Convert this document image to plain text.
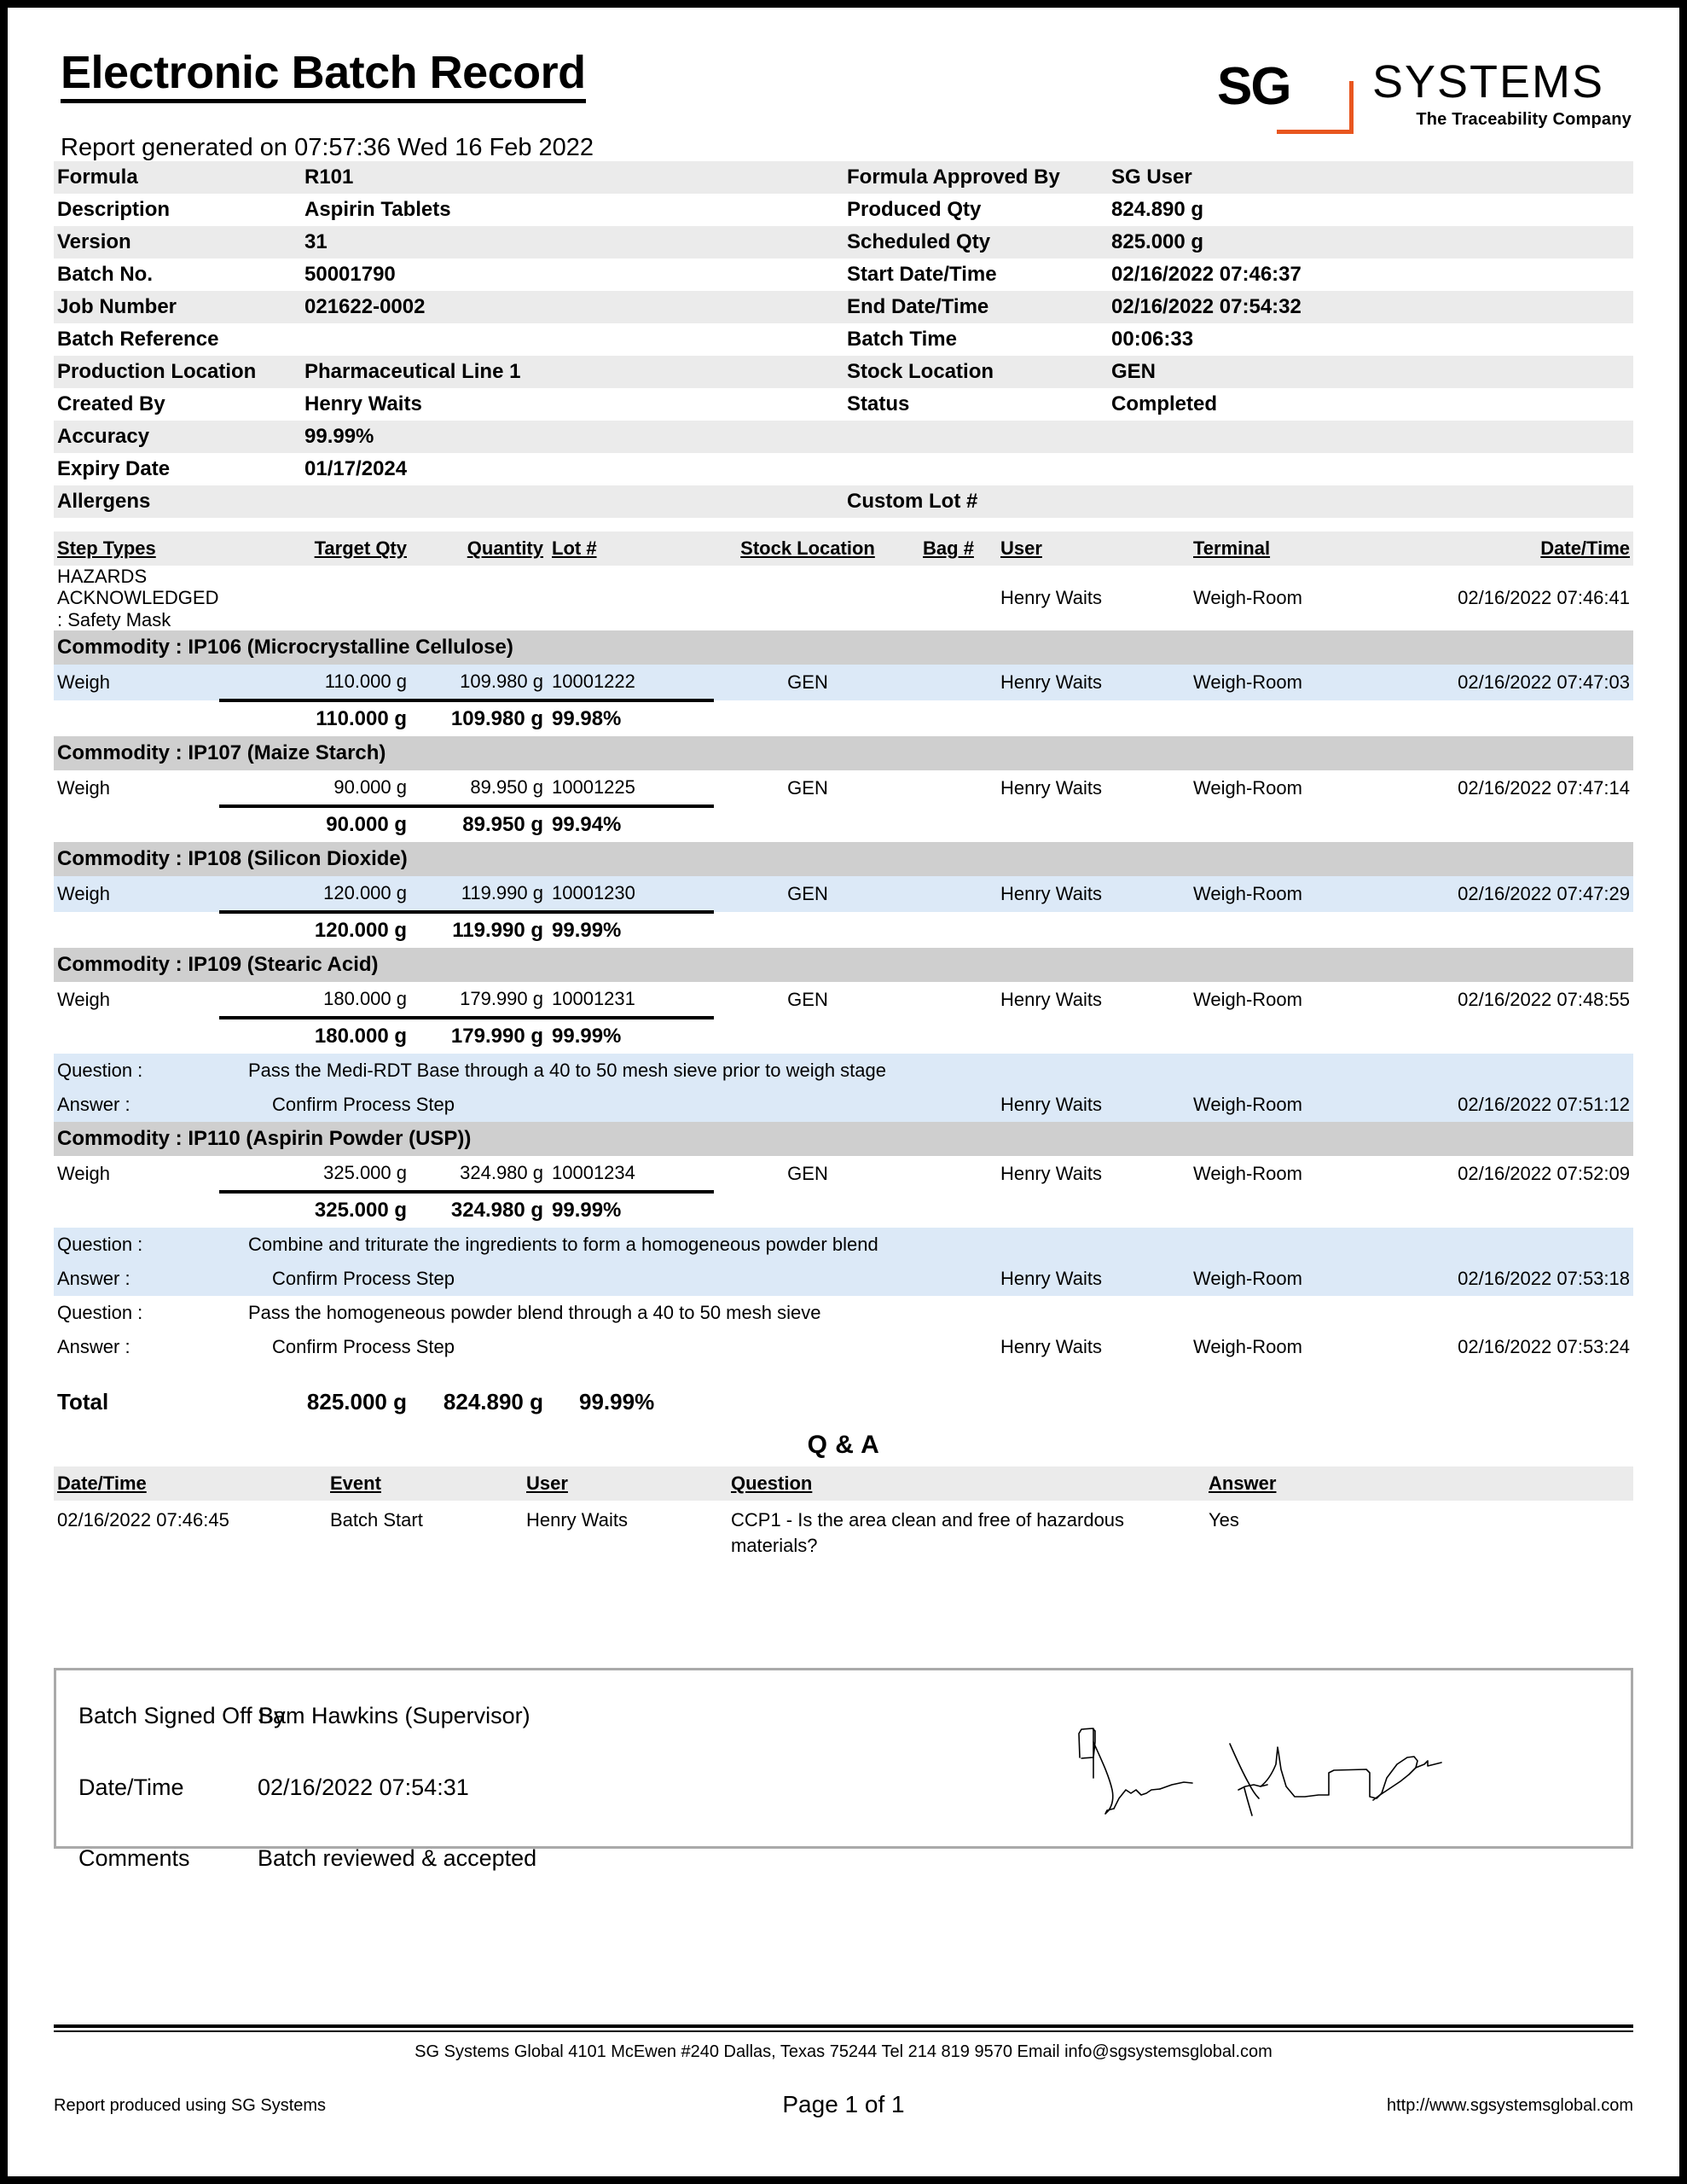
Electronic Batch Record
Report generated on 07:57:36 Wed 16 Feb 2022
SG SYSTEMS
The Traceability Company
Formula	R101	Formula Approved By	SG User
Description	Aspirin Tablets	Produced Qty	824.890 g
Version	31	Scheduled Qty	825.000 g
Batch No.	50001790	Start Date/Time	02/16/2022 07:46:37
Job Number	021622-0002	End Date/Time	02/16/2022 07:54:32
Batch Reference		Batch Time	00:06:33
Production Location	Pharmaceutical Line 1	Stock Location	GEN
Created By	Henry Waits	Status	Completed
Accuracy	99.99%		
Expiry Date	01/17/2024		
Allergens		Custom Lot #	
Step Types	Target Qty	Quantity	Lot #	Stock Location	Bag #	User	Terminal	Date/Time
HAZARDS ACKNOWLEDGED : Safety Mask						Henry Waits	Weigh-Room	02/16/2022 07:46:41
Commodity : IP106 (Microcrystalline Cellulose)								
Weigh	110.000 g	109.980 g	10001222	GEN		Henry Waits	Weigh-Room	02/16/2022 07:47:03
	110.000 g	109.980 g	99.98%					
Commodity : IP107 (Maize Starch)								
Weigh	90.000 g	89.950 g	10001225	GEN		Henry Waits	Weigh-Room	02/16/2022 07:47:14
	90.000 g	89.950 g	99.94%					
Commodity : IP108 (Silicon Dioxide)								
Weigh	120.000 g	119.990 g	10001230	GEN		Henry Waits	Weigh-Room	02/16/2022 07:47:29
	120.000 g	119.990 g	99.99%					
Commodity : IP109 (Stearic Acid)								
Weigh	180.000 g	179.990 g	10001231	GEN		Henry Waits	Weigh-Room	02/16/2022 07:48:55
	180.000 g	179.990 g	99.99%					
Question :	Pass the Medi-RDT Base through a 40 to 50 mesh sieve prior to weigh stage							
Answer :	Confirm Process Step					Henry Waits	Weigh-Room	02/16/2022 07:51:12
Commodity : IP110 (Aspirin Powder (USP))								
Weigh	325.000 g	324.980 g	10001234	GEN		Henry Waits	Weigh-Room	02/16/2022 07:52:09
	325.000 g	324.980 g	99.99%					
Question :	Combine and triturate the ingredients to form a homogeneous powder blend							
Answer :	Confirm Process Step					Henry Waits	Weigh-Room	02/16/2022 07:53:18
Question :	Pass the homogeneous powder blend through a 40 to 50 mesh sieve							
Answer :	Confirm Process Step					Henry Waits	Weigh-Room	02/16/2022 07:53:24
Total	825.000 g	824.890 g	99.99%					
Q & A
Date/Time	Event	User	Question	Answer
02/16/2022 07:46:45	Batch Start	Henry Waits	CCP1 - Is the area clean and free of hazardous materials?	Yes
Batch Signed Off By
Sam Hawkins (Supervisor)
Date/Time	02/16/2022 07:54:31
Comments	Batch reviewed & accepted
SG Systems Global 4101 McEwen #240 Dallas, Texas 75244 Tel 214 819 9570 Email info@sgsystemsglobal.com
Report produced using SG Systems	Page 1 of 1	http://www.sgsystemsglobal.com
